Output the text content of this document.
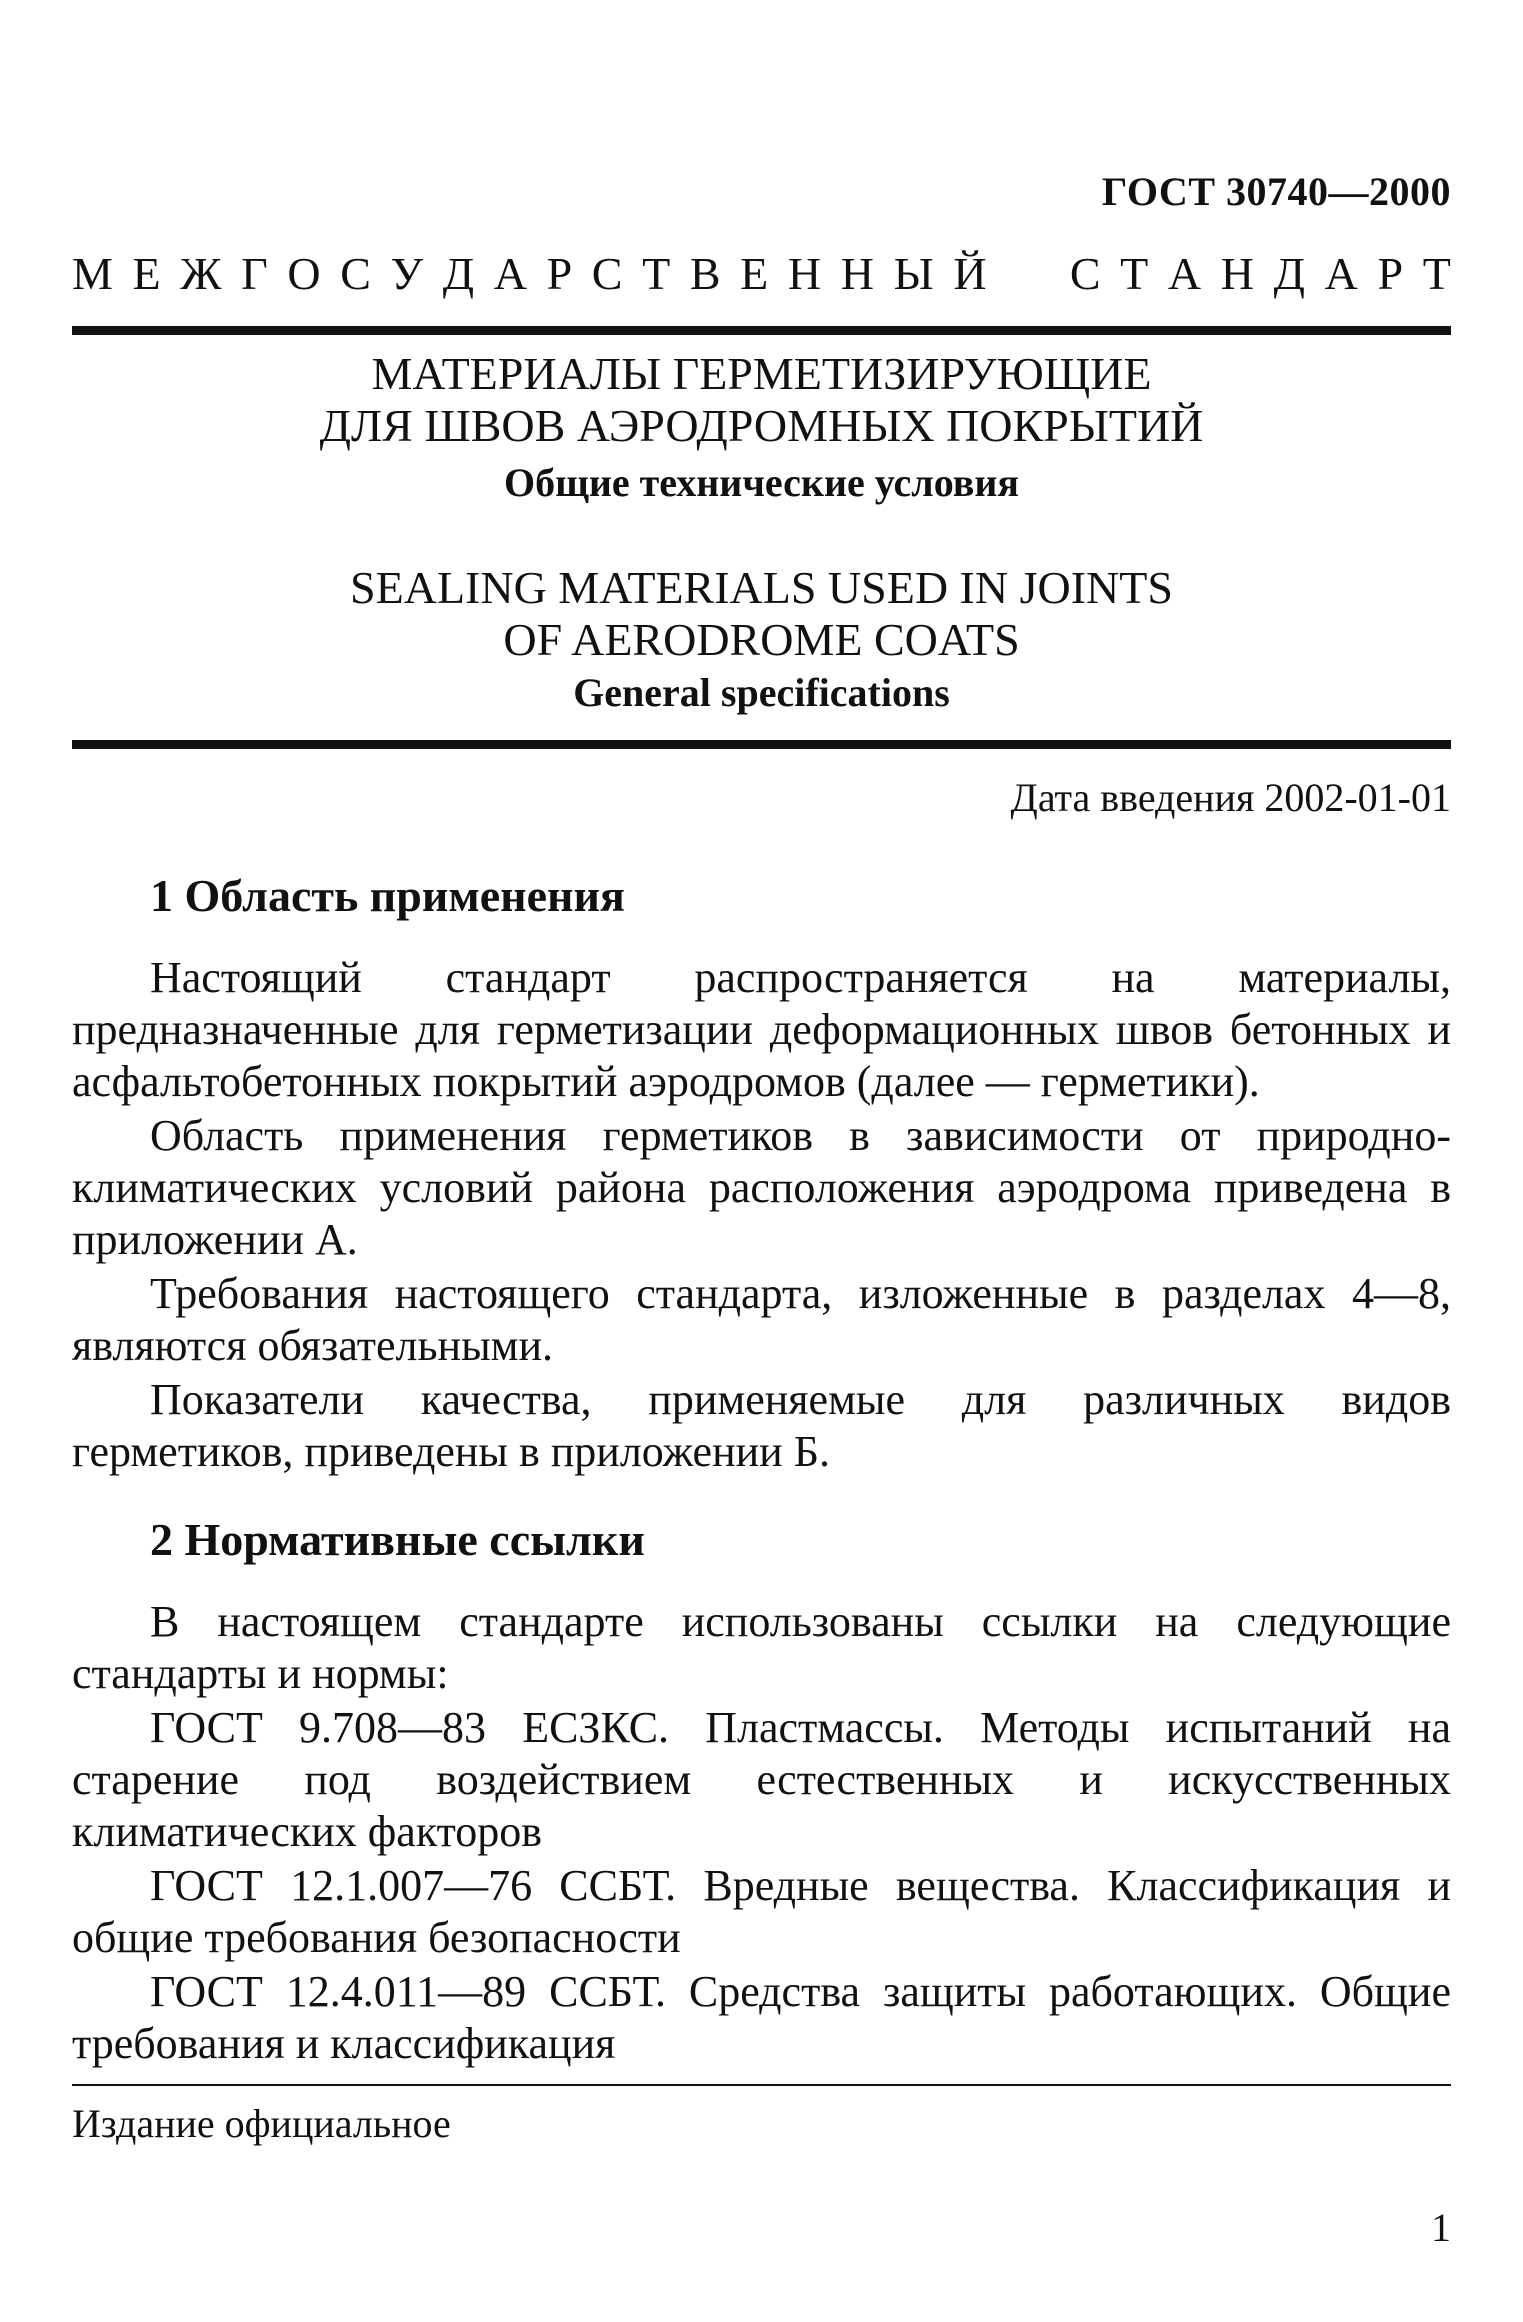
ГОСТ 30740—2000
М Е Ж Г О С У Д А Р С Т В Е Н Н Ы Й С Т А Н Д А Р Т
МАТЕРИАЛЫ ГЕРМЕТИЗИРУЮЩИЕ
ДЛЯ ШВОВ АЭРОДРОМНЫХ ПОКРЫТИЙ
Общие технические условия
SEALING MATERIALS USED IN JOINTS
OF AERODROME COATS
General specifications
Дата введения 2002-01-01
1 Область применения

Настоящий стандарт распространяется на материалы, предназначенные для герметизации деформационных швов бетонных и асфальтобетонных покрытий аэродромов (далее — герметики).

Область применения герметиков в зависимости от природно-климатических условий района расположения аэродрома приведена в приложении А.

Требования настоящего стандарта, изложенные в разделах 4—8, являются обязательными.

Показатели качества, применяемые для различных видов герметиков, приведены в приложении Б.

2 Нормативные ссылки

В настоящем стандарте использованы ссылки на следующие стандарты и нормы:

ГОСТ 9.708—83 ЕСЗКС. Пластмассы. Методы испытаний на старение под воздействием естественных и искусственных климатических факторов

ГОСТ 12.1.007—76 ССБТ. Вредные вещества. Классификация и общие требования безопасности

ГОСТ 12.4.011—89 ССБТ. Средства защиты работающих. Общие требования и классификация

Издание официальное
1
